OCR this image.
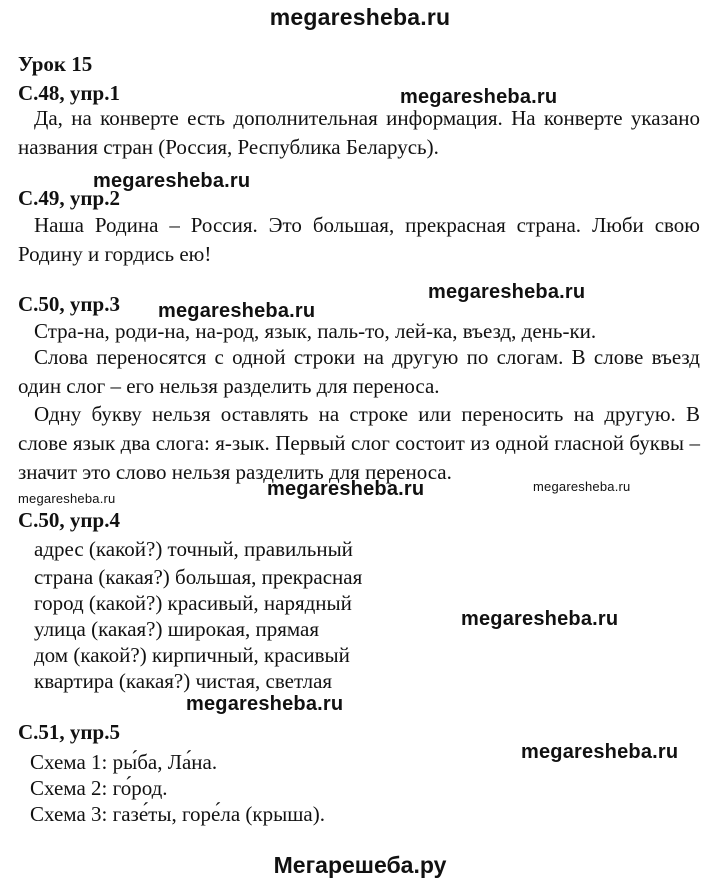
megaresheba.ru
Урок 15
С.48, упр.1	megaresheba.ru
Да, на конверте есть дополнительная информация. На конверте указано названия стран (Россия, Республика Беларусь).
megaresheba.ru
С.49, упр.2
Наша Родина – Россия. Это большая, прекрасная страна. Люби свою Родину и гордись ею!
megaresheba.ru
С.50, упр.3 megaresheba.ru
Стра-на, роди-на, на-род, язык, паль-то, лей-ка, въезд, день-ки.
Слова переносятся с одной строки на другую по слогам. В слове въезд один слог – его нельзя разделить для переноса.
Одну букву нельзя оставлять на строке или переносить на другую. В слове язык два слога: я-зык. Первый слог состоит из одной гласной буквы – значит это слово нельзя разделить для переноса.
megaresheba.ru	megaresheba.ru	megaresheba.ru
С.50, упр.4
адрес (какой?) точный, правильный
страна (какая?) большая, прекрасная
город (какой?) красивый, нарядный
улица (какая?) широкая, прямая
дом (какой?) кирпичный, красивый
квартира (какая?) чистая, светлая
megaresheba.ru
megaresheba.ru
С.51, упр.5
megaresheba.ru
Схема 1: ры́ба, Ла́на.
Схема 2: го́род.
Схема 3: газе́ты, горе́ла (крыша).
Мегарешеба.ру
